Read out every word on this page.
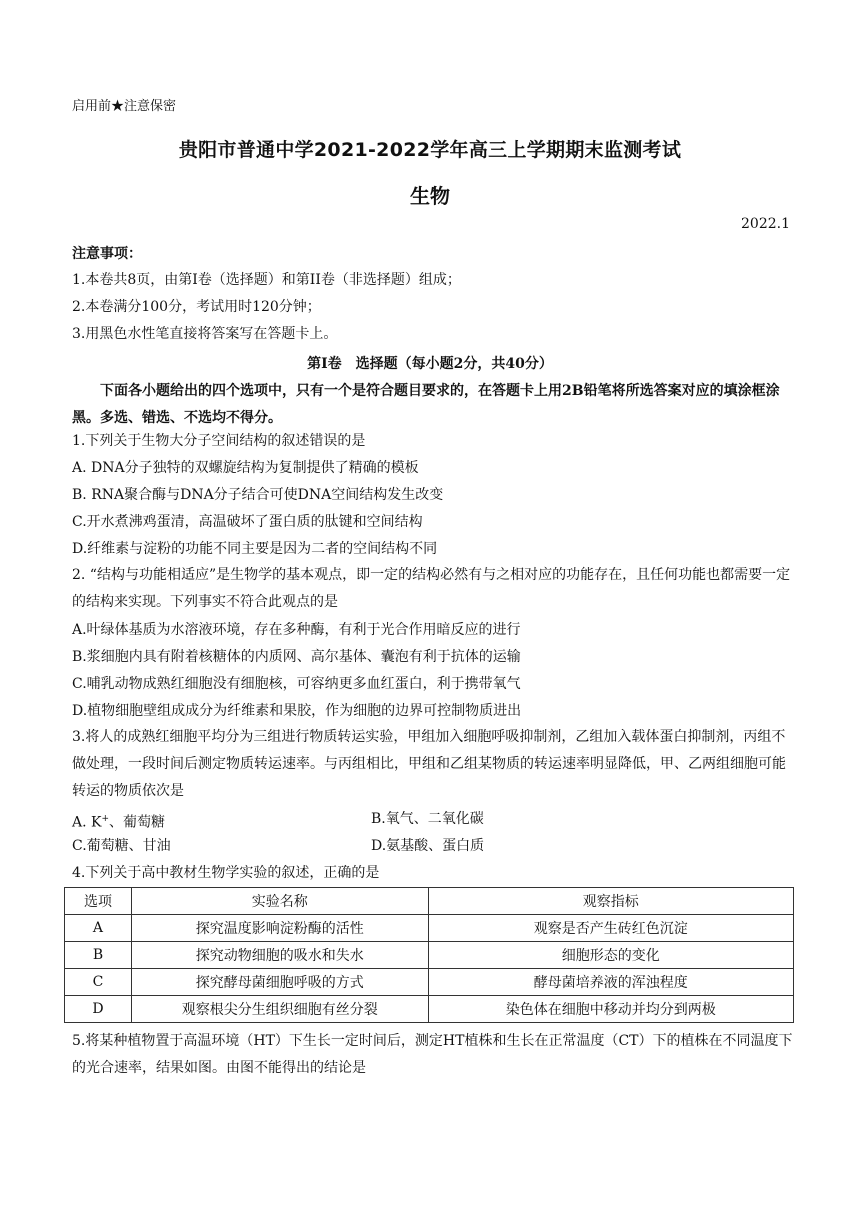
启用前★注意保密
贵阳市普通中学2021-2022学年高三上学期期末监测考试
生物
2022.1
注意事项：
1.本卷共8页，由第I卷（选择题）和第II卷（非选择题）组成；
2.本卷满分100分，考试用时120分钟；
3.用黑色水性笔直接将答案写在答题卡上。
第I卷　选择题（每小题2分，共40分）
下面各小题给出的四个选项中，只有一个是符合题目要求的，在答题卡上用2B铅笔将所选答案对应的填涂框涂黑。多选、错选、不选均不得分。
1.下列关于生物大分子空间结构的叙述错误的是
A. DNA分子独特的双螺旋结构为复制提供了精确的模板
B. RNA聚合酶与DNA分子结合可使DNA空间结构发生改变
C.开水煮沸鸡蛋清，高温破坏了蛋白质的肽键和空间结构
D.纤维素与淀粉的功能不同主要是因为二者的空间结构不同
2. “结构与功能相适应”是生物学的基本观点，即一定的结构必然有与之相对应的功能存在，且任何功能也都需要一定的结构来实现。下列事实不符合此观点的是
A.叶绿体基质为水溶液环境，存在多种酶，有利于光合作用暗反应的进行
B.浆细胞内具有附着核糖体的内质网、高尔基体、囊泡有利于抗体的运输
C.哺乳动物成熟红细胞没有细胞核，可容纳更多血红蛋白，利于携带氧气
D.植物细胞壁组成成分为纤维素和果胶，作为细胞的边界可控制物质进出
3.将人的成熟红细胞平均分为三组进行物质转运实验，甲组加入细胞呼吸抑制剂，乙组加入载体蛋白抑制剂，丙组不做处理，一段时间后测定物质转运速率。与丙组相比，甲组和乙组某物质的转运速率明显降低，甲、乙两组细胞可能转运的物质依次是
A. K+、葡萄糖	B.氧气、二氧化碳
C.葡萄糖、甘油	D.氨基酸、蛋白质
4.下列关于高中教材生物学实验的叙述，正确的是
选项	实验名称	观察指标
A	探究温度影响淀粉酶的活性	观察是否产生砖红色沉淀
B	探究动物细胞的吸水和失水	细胞形态的变化
C	探究酵母菌细胞呼吸的方式	酵母菌培养液的浑浊程度
D	观察根尖分生组织细胞有丝分裂	染色体在细胞中移动并均分到两极
5.将某种植物置于高温环境（HT）下生长一定时间后，测定HT植株和生长在正常温度（CT）下的植株在不同温度下的光合速率，结果如图。由图不能得出的结论是
